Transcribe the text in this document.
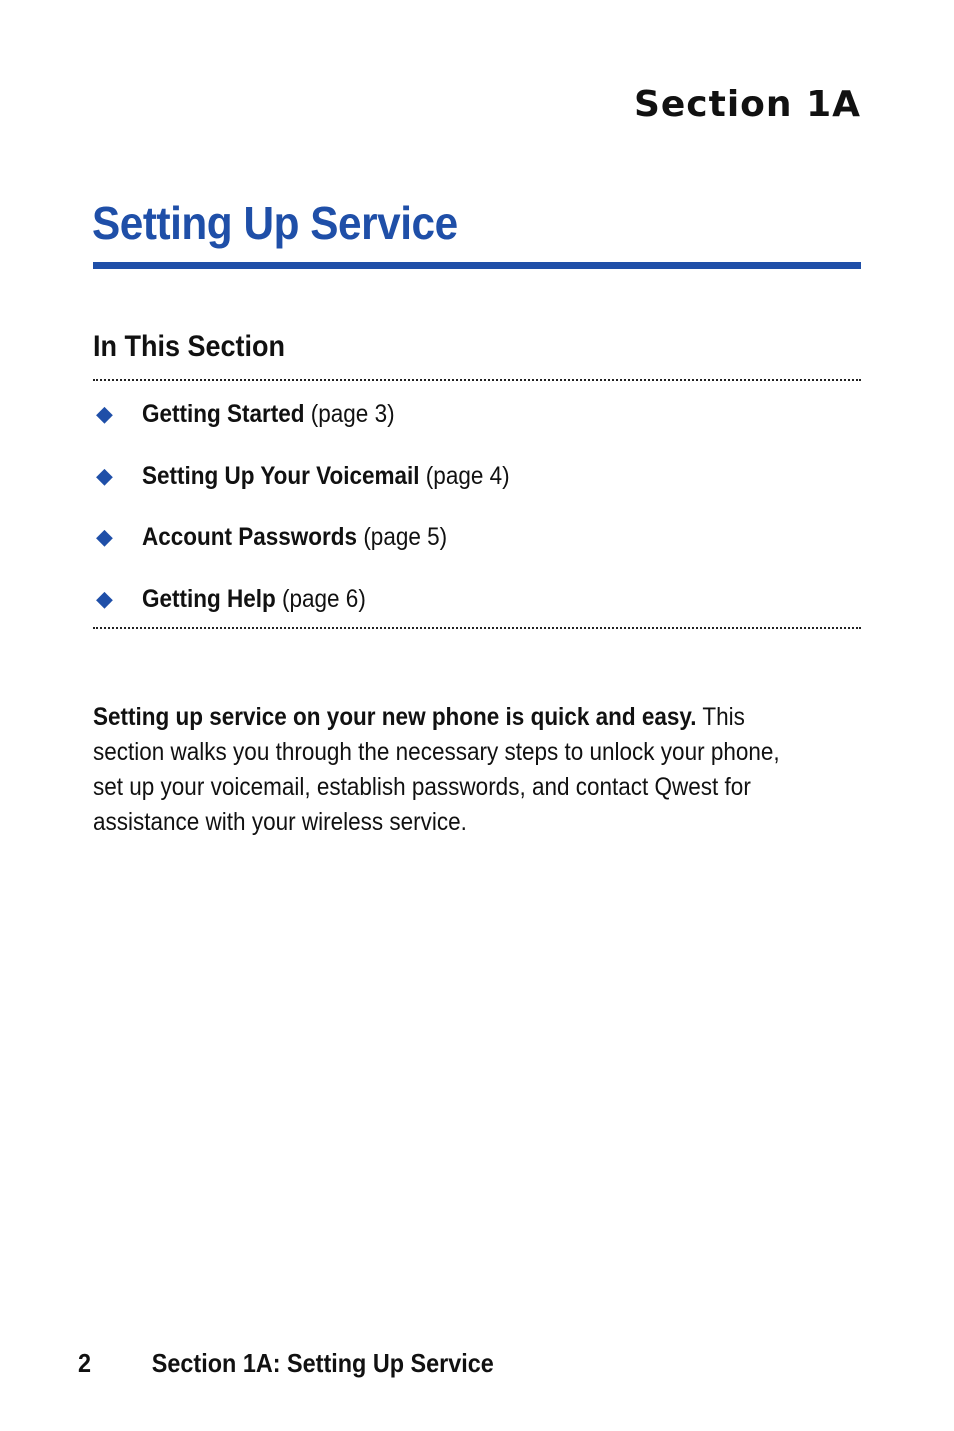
Section 1A
Setting Up Service
In This Section
◆	Getting Started (page 3)
◆	Setting Up Your Voicemail (page 4)
◆	Account Passwords (page 5)
◆	Getting Help (page 6)

Setting up service on your new phone is quick and easy. This section walks you through the necessary steps to unlock your phone, set up your voicemail, establish passwords, and contact Qwest for assistance with your wireless service.

2 Section 1A: Setting Up Service
